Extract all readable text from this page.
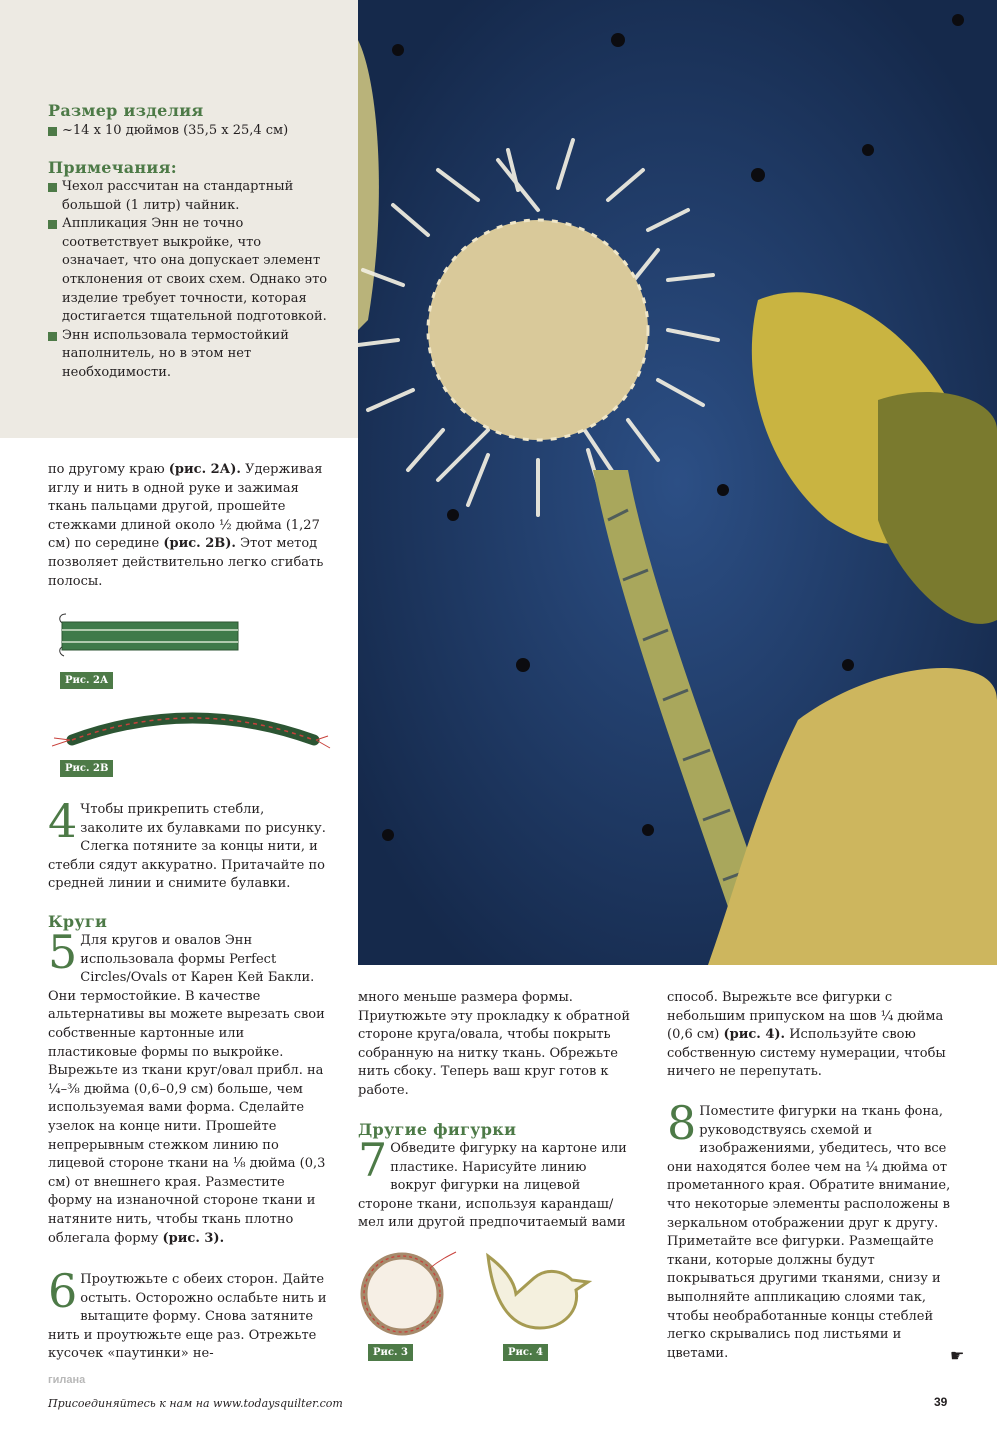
Размер изделия
~14 х 10 дюймов (35,5 х 25,4 см)
Примечания:
Чехол рассчитан на стандартный большой (1 литр) чайник.
Аппликация Энн не точно соответствует выкройке, что означает, что она допускает элемент отклонения от своих схем. Однако это изделие требует точности, которая достигается тщательной подготовкой.
Энн использовала термостойкий наполнитель, но в этом нет необходимости.
по другому краю (рис. 2А). Удерживая иглу и нить в одной руке и зажимая ткань пальцами другой, прошейте стежками длиной около ½ дюйма (1,27 см) по середине (рис. 2В). Этот метод позволяет действительно легко сгибать полосы.
Рис. 2А
Рис. 2В
4 Чтобы прикрепить стебли, заколите их булавками по рисунку. Слегка потяните за концы нити, и стебли сядут аккуратно. Притачайте по средней линии и снимите булавки.
Круги
5 Для кругов и овалов Энн использовала формы Perfect Circles/Ovals от Карен Кей Бакли. Они термостойкие. В качестве альтернативы вы можете вырезать свои собственные картонные или пластиковые формы по выкройке. Вырежьте из ткани круг/овал прибл. на ¼–⅜ дюйма (0,6–0,9 см) больше, чем используемая вами форма. Сделайте узелок на конце нити. Прошейте непрерывным стежком линию по лицевой стороне ткани на ⅛ дюйма (0,3 см) от внешнего края. Разместите форму на изнаночной стороне ткани и натяните нить, чтобы ткань плотно облегала форму (рис. 3).
6 Проутюжьте с обеих сторон. Дайте остыть. Осторожно ослабьте нить и вытащите форму. Снова затяните нить и проутюжьте еще раз. Отрежьте кусочек «паутинки» не-
много меньше размера формы. Приутюжьте эту прокладку к обратной стороне круга/овала, чтобы покрыть собранную на нитку ткань. Обрежьте нить сбоку. Теперь ваш круг готов к работе.
Другие фигурки
7 Обведите фигурку на картоне или пластике. Нарисуйте линию вокруг фигурки на лицевой стороне ткани, используя карандаш/мел или другой предпочитаемый вами
Рис. 3	Рис. 4
способ. Вырежьте все фигурки с небольшим припуском на шов ¼ дюйма (0,6 см) (рис. 4). Используйте свою собственную систему нумерации, чтобы ничего не перепутать.
8 Поместите фигурки на ткань фона, руководствуясь схемой и изображениями, убедитесь, что все они находятся более чем на ¼ дюйма от прометанного края. Обратите внимание, что некоторые элементы расположены в зеркальном отображении друг к другу. Приметайте все фигурки. Размещайте ткани, которые должны будут покрываться другими тканями, снизу и выполняйте аппликацию слоями так, чтобы необработанные концы стеблей легко скрывались под листьями и цветами.	☛
гилана
Присоединяйтесь к нам на www.todaysquilter.com	39
